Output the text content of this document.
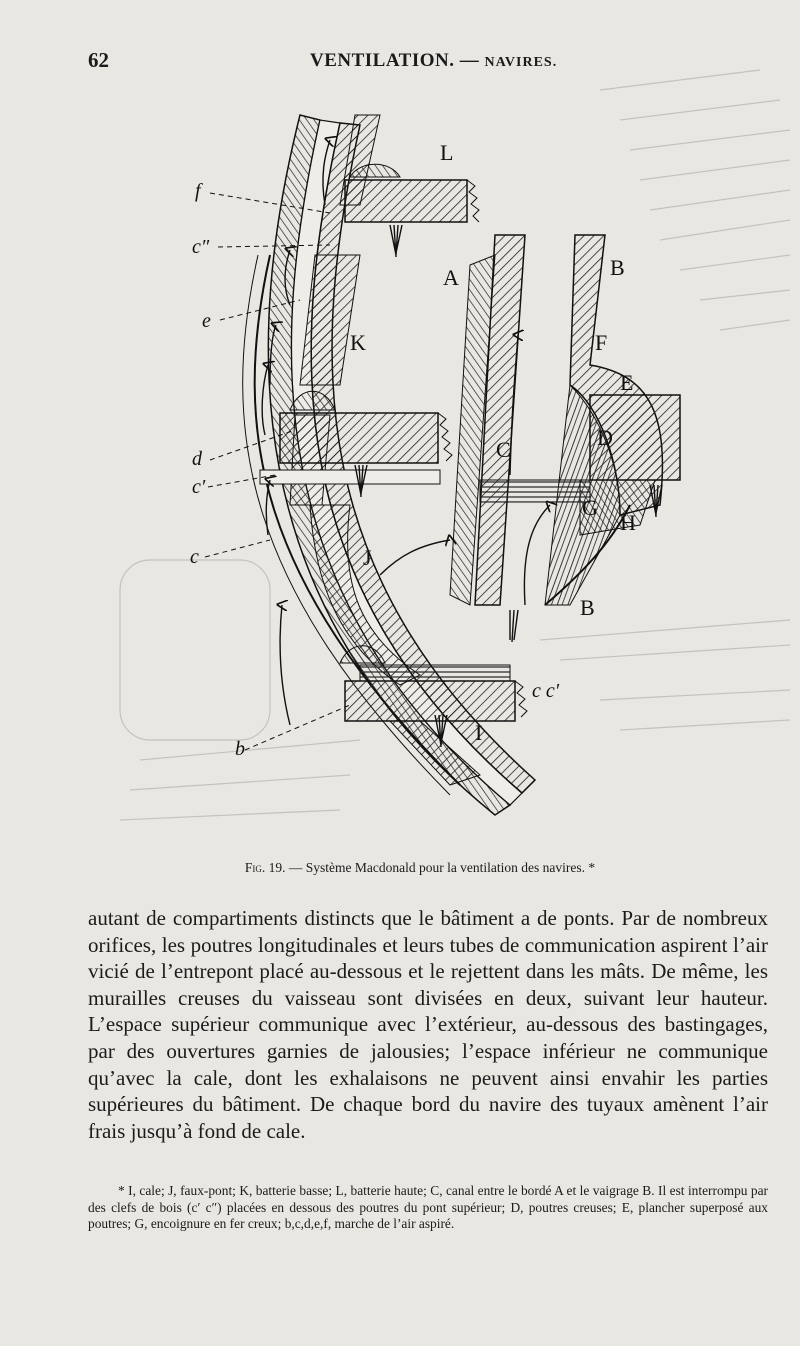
62	VENTILATION. — NAVIRES.
L
A	B
K	F
E
D
C
G
H
J
B
I
f
c″
e
d
c′
c
b
c c′
Fig. 19. — Système Macdonald pour la ventilation des navires. *

autant de compartiments distincts que le bâtiment a de ponts. Par de nombreux orifices, les poutres longitudinales et leurs tubes de communication aspirent l’air vicié de l’entrepont placé au-dessous et le rejettent dans les mâts. De même, les murailles creuses du vaisseau sont divisées en deux, suivant leur hauteur. L’espace supérieur communique avec l’extérieur, au-dessous des bastingages, par des ouvertures garnies de jalousies; l’espace inférieur ne communique qu’avec la cale, dont les exhalaisons ne peuvent ainsi envahir les parties supérieures du bâtiment. De chaque bord du navire des tuyaux amènent l’air frais jusqu’à fond de cale.

* I, cale; J, faux-pont; K, batterie basse; L, batterie haute; C, canal entre le bordé A et le vaigrage B. Il est interrompu par des clefs de bois (c′ c″) placées en dessous des poutres du pont supérieur; D, poutres creuses; E, plancher superposé aux poutres; G, encoignure en fer creux; b,c,d,e,f, marche de l’air aspiré.
